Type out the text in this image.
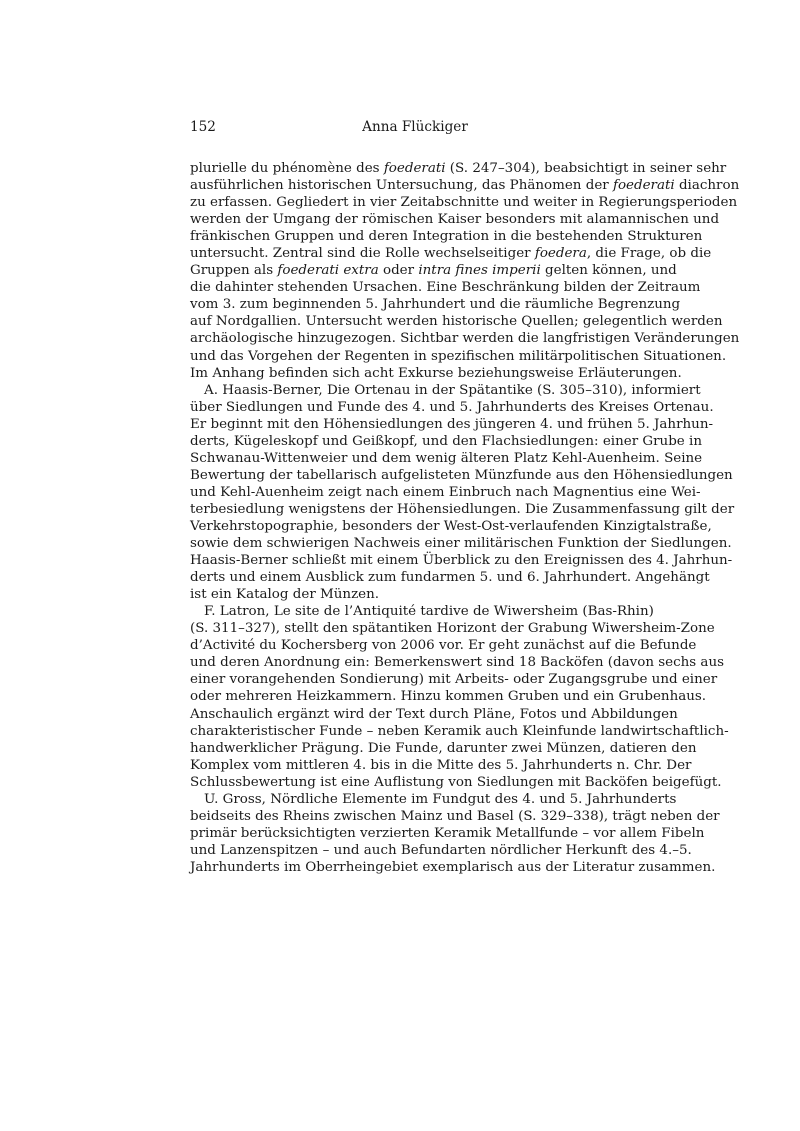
152	Anna Flückiger
plurielle du phénomène des foederati (S. 247–304), beabsichtigt in seiner sehr
ausführlichen historischen Untersuchung, das Phänomen der foederati diachron
zu erfassen. Gegliedert in vier Zeitabschnitte und weiter in Regierungsperioden
werden der Umgang der römischen Kaiser besonders mit alamannischen und
fränkischen Gruppen und deren Integration in die bestehenden Strukturen
untersucht. Zentral sind die Rolle wechselseitiger foedera, die Frage, ob die
Gruppen als foederati extra oder intra fines imperii gelten können, und
die dahinter stehenden Ursachen. Eine Beschränkung bilden der Zeitraum
vom 3. zum beginnenden 5. Jahrhundert und die räumliche Begrenzung
auf Nordgallien. Untersucht werden historische Quellen; gelegentlich werden
archäologische hinzugezogen. Sichtbar werden die langfristigen Veränderungen
und das Vorgehen der Regenten in spezifischen militärpolitischen Situationen.
Im Anhang befinden sich acht Exkurse beziehungsweise Erläuterungen.
A. Haasis-Berner, Die Ortenau in der Spätantike (S. 305–310), informiert
über Siedlungen und Funde des 4. und 5. Jahrhunderts des Kreises Ortenau.
Er beginnt mit den Höhensiedlungen des jüngeren 4. und frühen 5. Jahrhun-
derts, Kügeleskopf und Geißkopf, und den Flachsiedlungen: einer Grube in
Schwanau-Wittenweier und dem wenig älteren Platz Kehl-Auenheim. Seine
Bewertung der tabellarisch aufgelisteten Münzfunde aus den Höhensiedlungen
und Kehl-Auenheim zeigt nach einem Einbruch nach Magnentius eine Wei-
terbesiedlung wenigstens der Höhensiedlungen. Die Zusammenfassung gilt der
Verkehrstopographie, besonders der West-Ost-verlaufenden Kinzigtalstraße,
sowie dem schwierigen Nachweis einer militärischen Funktion der Siedlungen.
Haasis-Berner schließt mit einem Überblick zu den Ereignissen des 4. Jahrhun-
derts und einem Ausblick zum fundarmen 5. und 6. Jahrhundert. Angehängt
ist ein Katalog der Münzen.
F. Latron, Le site de l’Antiquité tardive de Wiwersheim (Bas-Rhin)
(S. 311–327), stellt den spätantiken Horizont der Grabung Wiwersheim-Zone
d’Activité du Kochersberg von 2006 vor. Er geht zunächst auf die Befunde
und deren Anordnung ein: Bemerkenswert sind 18 Backöfen (davon sechs aus
einer vorangehenden Sondierung) mit Arbeits- oder Zugangsgrube und einer
oder mehreren Heizkammern. Hinzu kommen Gruben und ein Grubenhaus.
Anschaulich ergänzt wird der Text durch Pläne, Fotos und Abbildungen
charakteristischer Funde – neben Keramik auch Kleinfunde landwirtschaftlich-
handwerklicher Prägung. Die Funde, darunter zwei Münzen, datieren den
Komplex vom mittleren 4. bis in die Mitte des 5. Jahrhunderts n. Chr. Der
Schlussbewertung ist eine Auflistung von Siedlungen mit Backöfen beigefügt.
U. Gross, Nördliche Elemente im Fundgut des 4. und 5. Jahrhunderts
beidseits des Rheins zwischen Mainz und Basel (S. 329–338), trägt neben der
primär berücksichtigten verzierten Keramik Metallfunde – vor allem Fibeln
und Lanzenspitzen – und auch Befundarten nördlicher Herkunft des 4.–5.
Jahrhunderts im Oberrheingebiet exemplarisch aus der Literatur zusammen.
